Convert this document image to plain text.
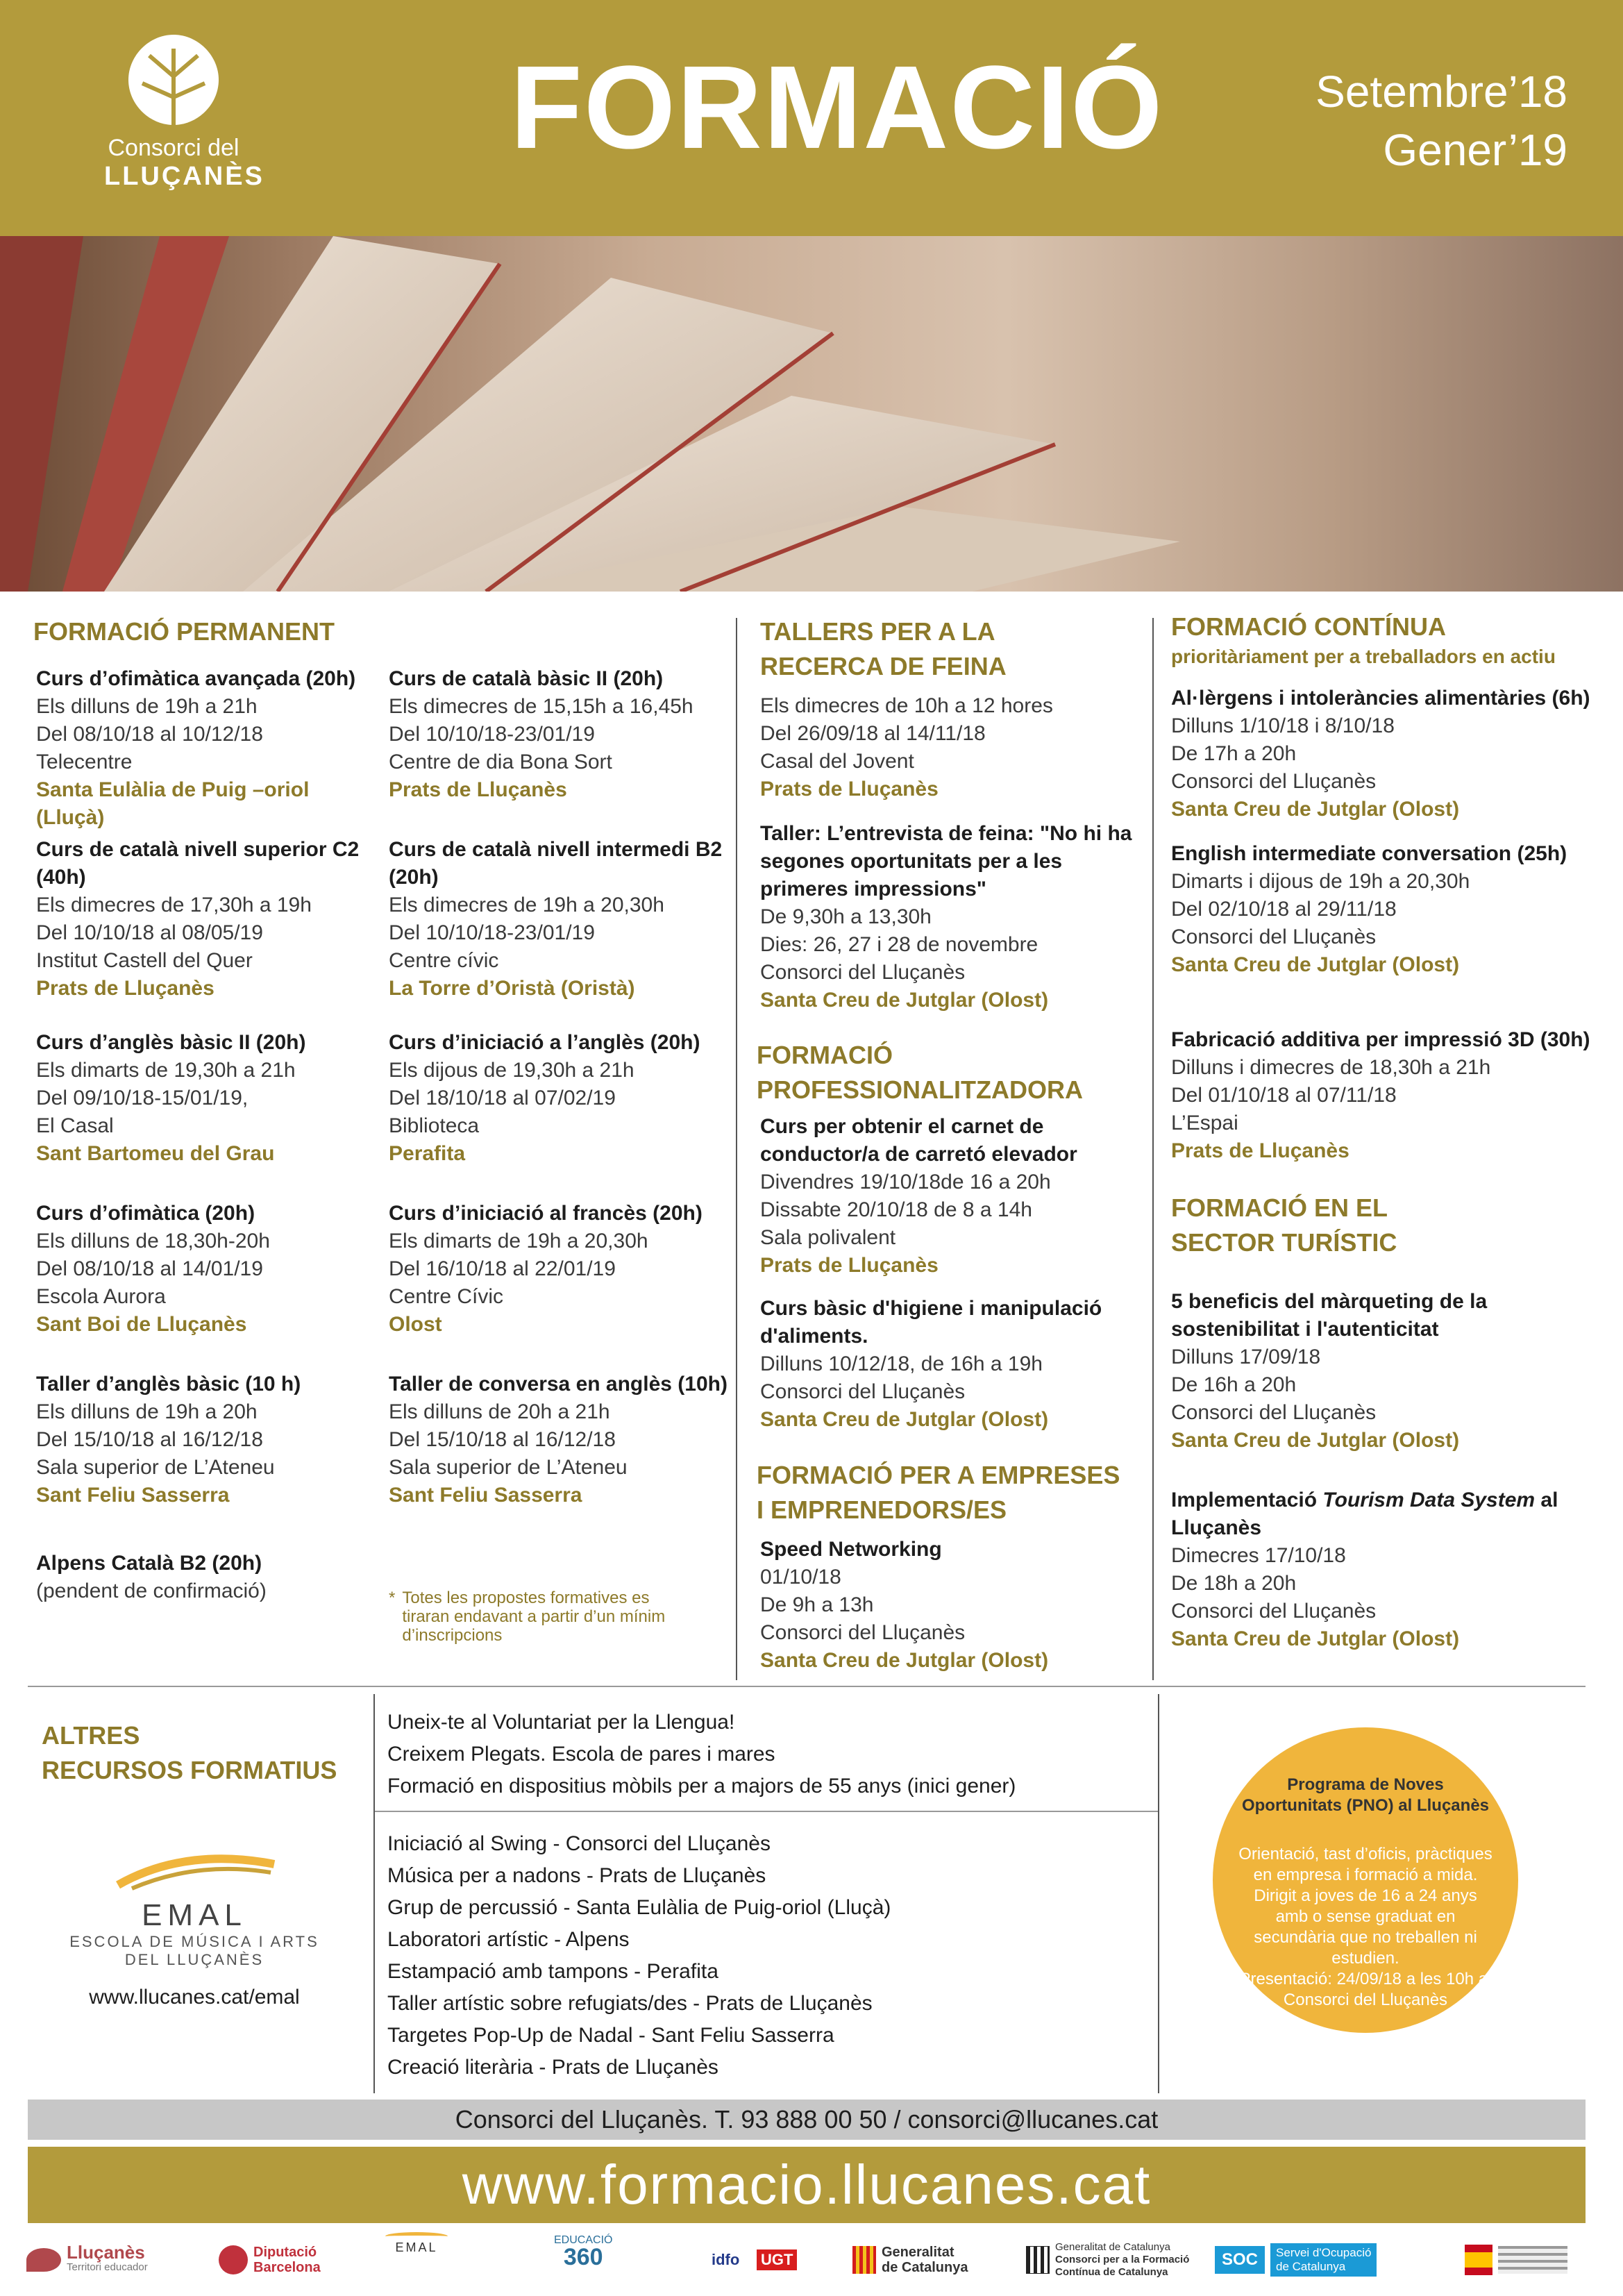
Consorci del
LLUÇANÈS
FORMACIÓ	Setembre’18
Gener’19
FORMACIÓ PERMANENT
Curs d’ofimàtica avançada (20h)
Els dilluns de 19h a 21h
Del 08/10/18 al 10/12/18
Telecentre
Santa Eulàlia de Puig –oriol (Lluçà)
Curs de català nivell superior C2 (40h)
Els dimecres de 17,30h a 19h
Del 10/10/18 al 08/05/19
Institut Castell del Quer
Prats de Lluçanès
Curs d’anglès bàsic II (20h)
Els dimarts de 19,30h a 21h
Del 09/10/18-15/01/19,
El Casal
Sant Bartomeu del Grau
Curs d’ofimàtica (20h)
Els dilluns de 18,30h-20h
Del 08/10/18 al 14/01/19
Escola Aurora
Sant Boi de Lluçanès
Taller d’anglès bàsic (10 h)
Els dilluns de 19h a 20h
Del 15/10/18 al 16/12/18
Sala superior de L’Ateneu
Sant Feliu Sasserra
Alpens Català B2 (20h)
(pendent de confirmació)
Curs de català bàsic II (20h)
Els dimecres de 15,15h a 16,45h
Del 10/10/18-23/01/19
Centre de dia Bona Sort
Prats de Lluçanès
Curs de català nivell intermedi B2 (20h)
Els dimecres de 19h a 20,30h
Del 10/10/18-23/01/19
Centre cívic
La Torre d’Oristà (Oristà)
Curs d’iniciació a l’anglès (20h)
Els dijous de 19,30h a 21h
Del 18/10/18 al 07/02/19
Biblioteca
Perafita
Curs d’iniciació al francès (20h)
Els dimarts de 19h a 20,30h
Del 16/10/18 al 22/01/19
Centre Cívic
Olost
Taller de conversa en anglès (10h)
Els dilluns de 20h a 21h
Del 15/10/18 al 16/12/18
Sala superior de L’Ateneu
Sant Feliu Sasserra
* Totes les propostes formatives es tiraran endavant a partir d’un mínim d’inscripcions
TALLERS PER A LA
RECERCA DE FEINA
Els dimecres de 10h a 12 hores
Del 26/09/18 al 14/11/18
Casal del Jovent
Prats de Lluçanès
Taller: L’entrevista de feina: "No hi ha segones oportunitats per a les primeres impressions"
De 9,30h a 13,30h
Dies: 26, 27 i 28 de novembre
Consorci del Lluçanès
Santa Creu de Jutglar (Olost)
FORMACIÓ
PROFESSIONALITZADORA
Curs per obtenir el carnet de conductor/a de carretó elevador
Divendres 19/10/18de 16 a 20h
Dissabte 20/10/18 de 8 a 14h
Sala polivalent
Prats de Lluçanès
Curs bàsic d'higiene i manipulació d'aliments.
Dilluns 10/12/18, de 16h a 19h
Consorci del Lluçanès
Santa Creu de Jutglar (Olost)
FORMACIÓ PER A EMPRESES
I EMPRENEDORS/ES
Speed Networking
01/10/18
De 9h a 13h
Consorci del Lluçanès
Santa Creu de Jutglar (Olost)
FORMACIÓ CONTÍNUA
prioritàriament per a treballadors en actiu
Al·lèrgens i intoleràncies alimentàries (6h)
Dilluns 1/10/18 i 8/10/18
De 17h a 20h
Consorci del Lluçanès
Santa Creu de Jutglar (Olost)
English intermediate conversation (25h)
Dimarts i dijous de 19h a 20,30h
Del 02/10/18 al 29/11/18
Consorci del Lluçanès
Santa Creu de Jutglar (Olost)
Fabricació additiva per impressió 3D (30h)
Dilluns i dimecres de 18,30h a 21h
Del 01/10/18 al 07/11/18
L’Espai
Prats de Lluçanès
FORMACIÓ EN EL
SECTOR TURÍSTIC
5 beneficis del màrqueting de la sostenibilitat i l'autenticitat
Dilluns 17/09/18
De 16h a 20h
Consorci del Lluçanès
Santa Creu de Jutglar (Olost)
Implementació Tourism Data System al Lluçanès
Dimecres 17/10/18
De 18h a 20h
Consorci del Lluçanès
Santa Creu de Jutglar (Olost)
ALTRES
RECURSOS FORMATIUS
EMAL
ESCOLA DE MÚSICA I ARTS
DEL LLUÇANÈS
www.llucanes.cat/emal
Uneix-te al Voluntariat per la Llengua!
Creixem Plegats. Escola de pares i mares
Formació en dispositius mòbils per a majors de 55 anys (inici gener)
Iniciació al Swing - Consorci del Lluçanès
Música per a nadons - Prats de Lluçanès
Grup de percussió - Santa Eulàlia de Puig-oriol (Lluçà)
Laboratori artístic - Alpens
Estampació amb tampons - Perafita
Taller artístic sobre refugiats/des - Prats de Lluçanès
Targetes Pop-Up de Nadal - Sant Feliu Sasserra
Creació literària - Prats de Lluçanès
Programa de Noves Oportunitats (PNO) al Lluçanès
Orientació, tast d’oficis, pràctiques en empresa i formació a mida. Dirigit a joves de 16 a 24 anys amb o sense graduat en secundària que no treballen ni estudien.
Presentació: 24/09/18 a les 10h al Consorci del Lluçanès
Consorci del Lluçanès. T. 93 888 00 50 / consorci@llucanes.cat
www.formacio.llucanes.cat
Lluçanès
Territori educador
Diputació
Barcelona
EMAL
EDUCACIÓ
360	idfo UGT	Generalitat
de Catalunya
Generalitat de Catalunya
Consorci per a la Formació
Contínua de Catalunya
SOC	Servei d'Ocupació
de Catalunya
